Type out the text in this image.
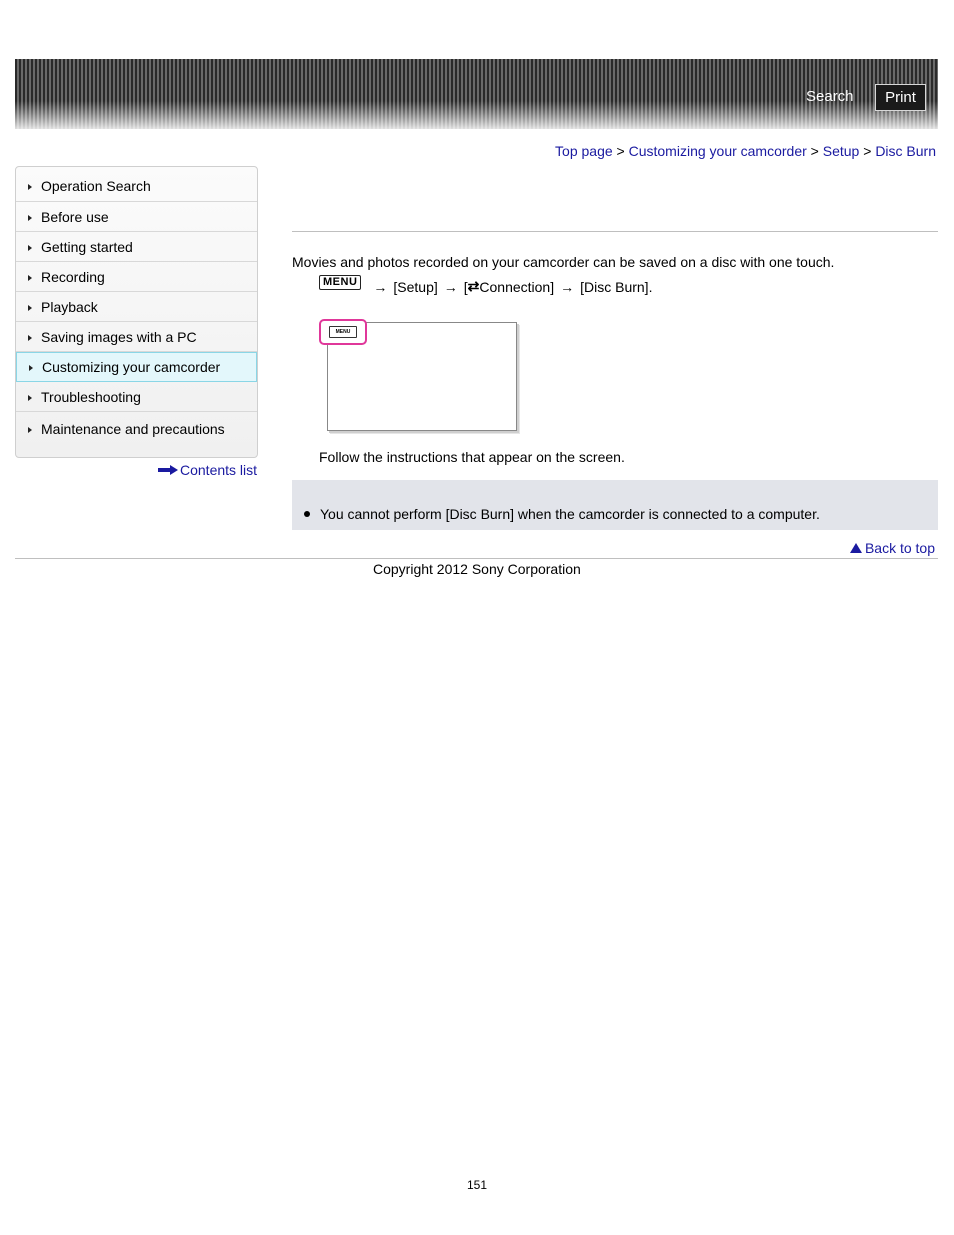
Search	Print
Top page > Customizing your camcorder > Setup > Disc Burn
Operation Search
Before use
Getting started
Recording
Playback
Saving images with a PC
Customizing your camcorder
Troubleshooting
Maintenance and precautions
Contents list
Movies and photos recorded on your camcorder can be saved on a disc with one touch.
MENU → [Setup] → [ ⇄ Connection] → [Disc Burn].
MENU
Follow the instructions that appear on the screen.
You cannot perform [Disc Burn] when the camcorder is connected to a computer.
Back to top
Copyright 2012 Sony Corporation
151
